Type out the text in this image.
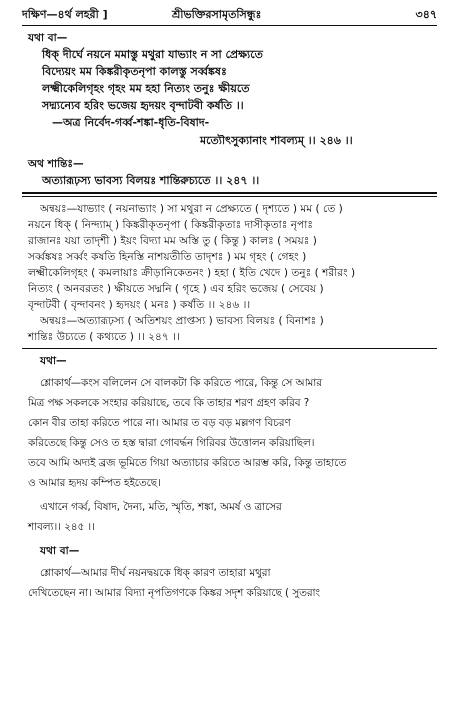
দক্ষিণ—৪র্থ লহরী ]	শ্রীভক্তিরসামৃতসিন্ধুঃ	৩৪৭
যথা বা—
ধিক্ দীর্ঘে নয়নে মমাস্তু মথুরা যাভ্যাং ন সা প্রেক্ষ্যতে
বিদ্যেয়ং মম কিঙ্করীকৃতনৃপা কালস্তু সর্ব্বঙ্কষঃ
লক্ষ্মীকেলিগৃহং গৃহং মম হহা নিত্যং তনুঃ ক্ষীয়তে
সদ্ম্যন্যেব হরিং ভজেয় হৃদয়ং বৃন্দাটবী কর্ষতি ।।
—অত্র নির্বেদ-গর্ব্ব-শঙ্কা-ধৃতি-বিষাদ-
মত্যৌৎসুক্যানাং শাবল্যম্ ।। ২৪৬ ।।
অথ শান্তিঃ—
অত্যারূঢ়স্য ভাবস্য বিলয়ঃ শান্তিরুচ্যতে ।। ২৪৭ ।।
অন্বয়ঃ—যাভ্যাং ( নয়নাভ্যাং ) সা মথুরা ন প্রেক্ষ্যতে ( দৃশ্যতে ) মম ( তে )
নয়নে ধিক্ ( নিন্দ্যাম্ ) কিঙ্করীকৃতনৃপা ( কিঙ্করীকৃতাঃ দাসীকৃতাঃ নৃপাঃ
রাজানঃ যয়া তাদৃশী ) ইয়ং বিদ্যা মম অস্তি তু ( কিন্তু ) কালঃ ( সময়ঃ )
সর্ব্বঙ্কষঃ সর্ব্বং কষতি হিনস্তি নাশয়তীতি তাদৃশঃ ) মম গৃহং ( গেহং )
লক্ষ্মীকেলিগৃহং ( কমলায়াঃ ক্রীড়ানিকেতনং ) হহা ( ইতি খেদে ) তনুঃ ( শরীরং )
নিত্যং ( অনবরতং ) ক্ষীয়তে সদ্মনি ( গৃহে ) এব হরিং ভজেয় ( সেবেয় )
বৃন্দাটবী ( বৃন্দাবনং ) হৃদয়ং ( মনঃ ) কর্ষতি ।। ২৪৬ ।।
অন্বয়ঃ—অত্যারূঢ়স্য ( অতিশয়ং প্রাপ্তস্য ) ভাবস্য বিলয়ঃ ( বিনাশঃ )
শান্তিঃ উচ্যতে ( কথ্যতে ) ।। ২৪৭ ।।
যথা—
শ্লোকার্থ—কংস বলিলেন সে বালকটা কি করিতে পারে, কিন্তু সে আমার
মিত্র পক্ষ সকলকে সংহার করিয়াছে, তবে কি তাহার শরণ গ্রহণ করিব ?
কোন বীর তাহা করিতে পারে না। আমার ত বড় বড় মল্লগণ বিচরণ
করিতেছে কিন্তু সেও ত হস্ত দ্বারা গোবর্দ্ধন গিরিবর উত্তোলন করিয়াছিল।
তবে আমি অদ্যই ব্রজ ভূমিতে গিয়া অত্যাচার করিতে আরম্ভ করি, কিন্তু তাহাতে
ও আমার হৃদয় কম্পিত হইতেছে।
এখানে গর্ব্ব, বিষাদ, দৈন্য, মতি, স্মৃতি, শঙ্কা, অমর্ষ ও ত্রাসের
শাবল্য।। ২৪৫ ।।
যথা বা—
শ্লোকার্থ—আমার দীর্ঘ নয়নদ্বয়কে ধিক্ কারণ তাহারা মথুরা
দেখিতেছেন না। আমার বিদ্যা নৃপতিগণকে কিঙ্কর সদৃশ করিয়াছে ( সুতরাং
